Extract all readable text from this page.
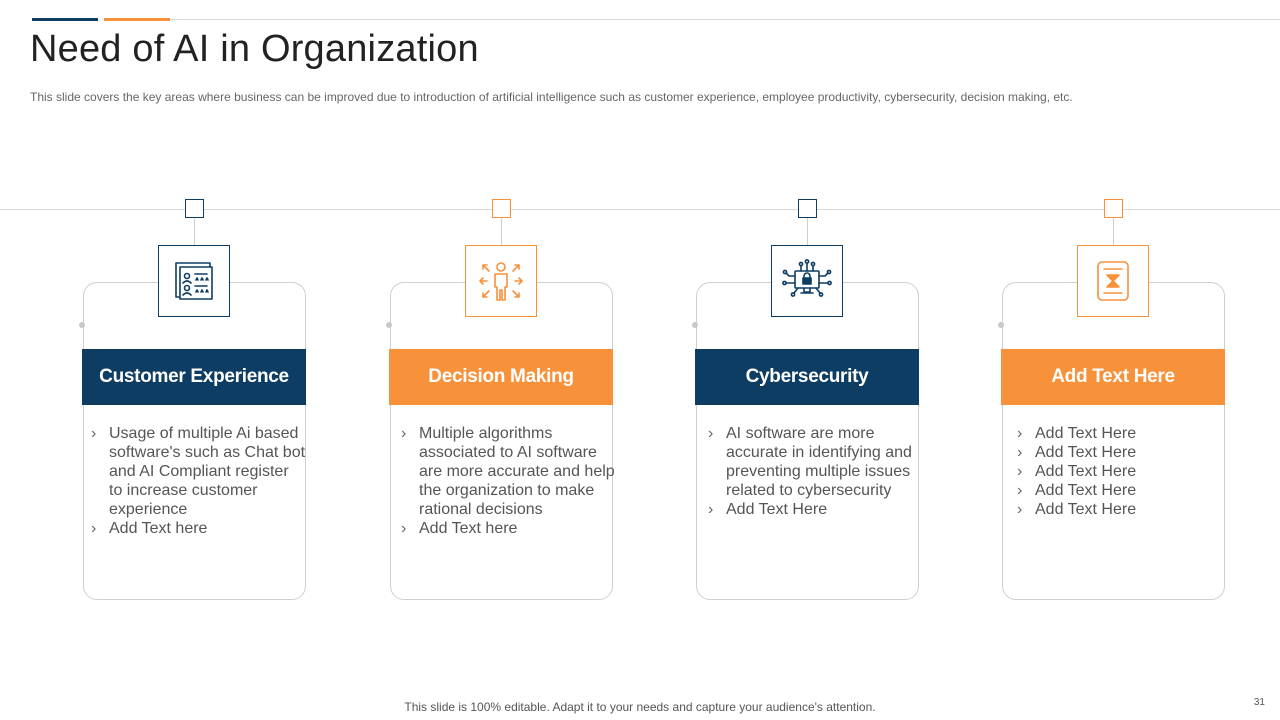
Need of AI in Organization
This slide covers the key areas where business can be improved due to introduction of artificial intelligence such as customer experience, employee productivity, cybersecurity, decision making, etc.
Customer Experience
› Usage of multiple Ai based software's such as Chat bot and AI Compliant register to increase customer experience
› Add Text here
Decision Making
› Multiple algorithms associated to AI software are more accurate and help the organization to make rational decisions
› Add Text here
Cybersecurity
› AI software are more accurate in identifying and preventing multiple issues related to cybersecurity
› Add Text Here
Add Text Here
› Add Text Here
› Add Text Here
› Add Text Here
› Add Text Here
› Add Text Here
This slide is 100% editable. Adapt it to your needs and capture your audience's attention.	31
